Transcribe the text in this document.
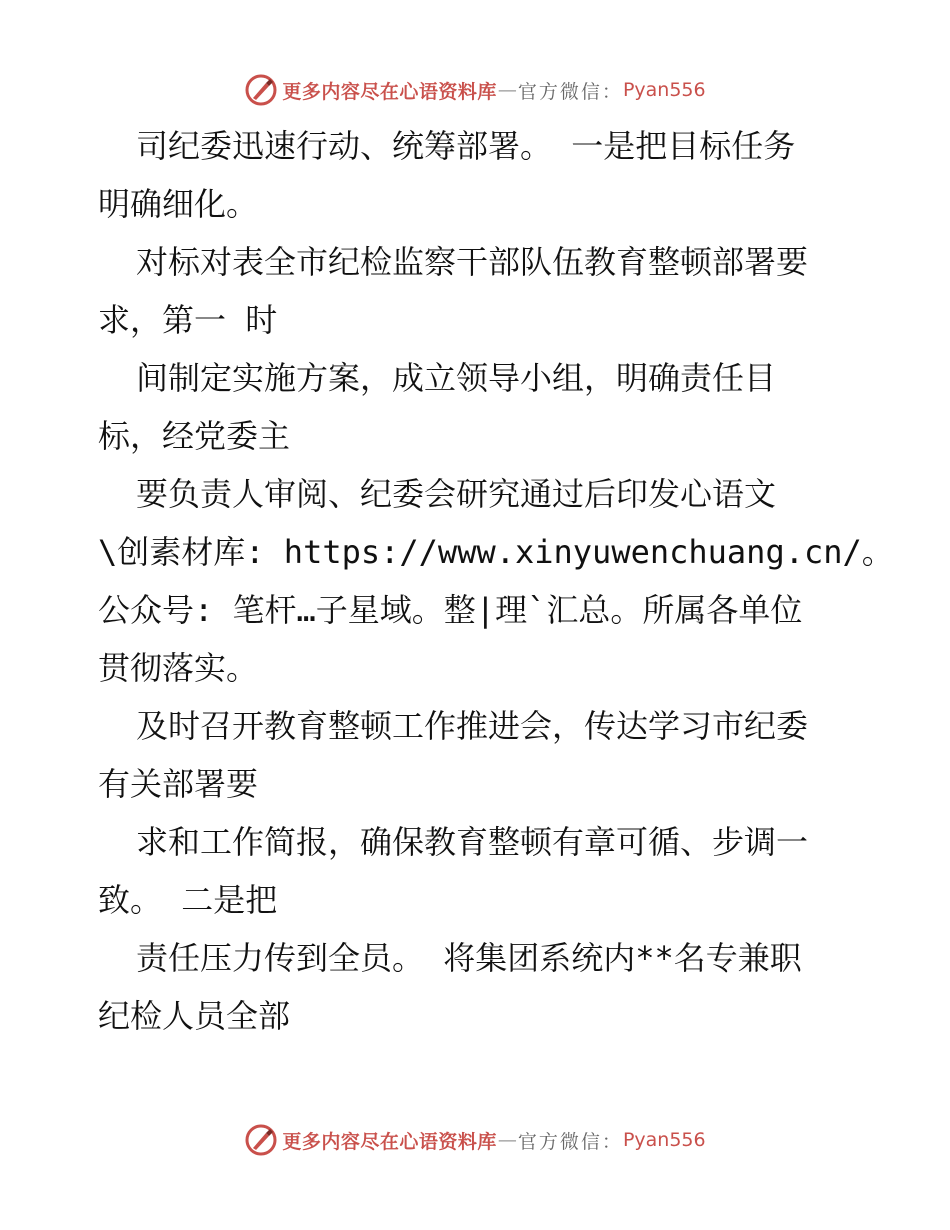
更多内容尽在心语资料库 — 官方微信： Pyan556
司纪委迅速行动、统筹部署。 一是把目标任务
明确细化。
对标对表全市纪检监察干部队伍教育整顿部署要
求，第一 时
间制定实施方案，成立领导小组，明确责任目
标，经党委主
要负责人审阅、纪委会研究通过后印发心语文
\创素材库: https://www.xinyuwenchuang.cn/。
公众号: 笔杆…子星域。整|理`汇总。所属各单位
贯彻落实。
及时召开教育整顿工作推进会，传达学习市纪委
有关部署要
求和工作简报，确保教育整顿有章可循、步调一
致。 二是把
责任压力传到全员。 将集团系统内**名专兼职
纪检人员全部
更多内容尽在心语资料库 — 官方微信： Pyan556
